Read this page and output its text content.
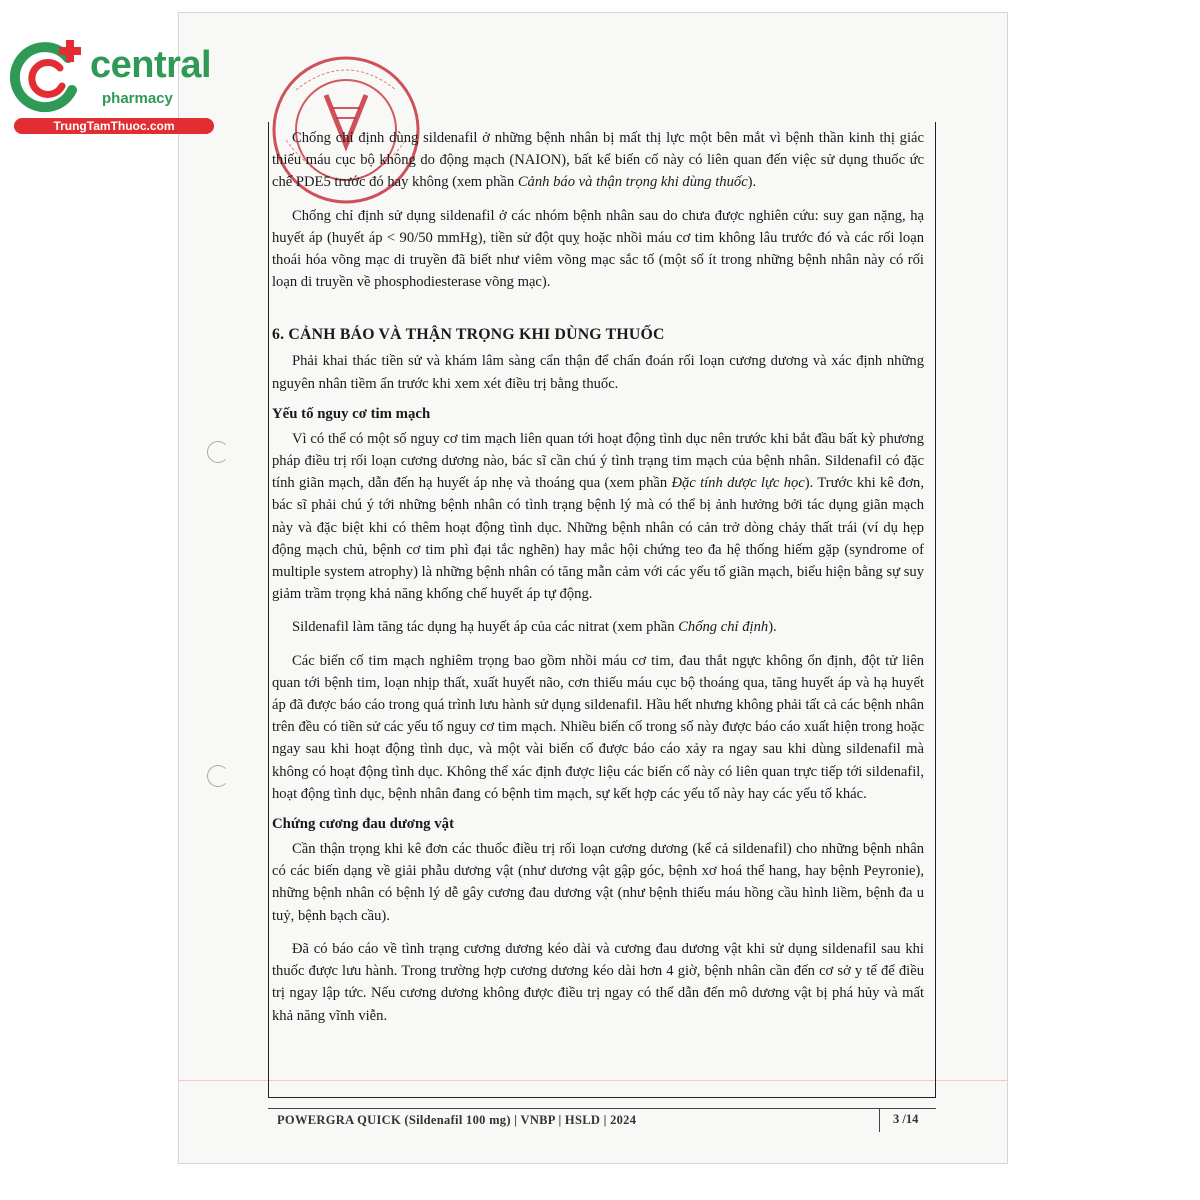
central
pharmacy
TrungTamThuoc.com

Chống chỉ định dùng sildenafil ở những bệnh nhân bị mất thị lực một bên mắt vì bệnh thần kinh thị giác thiếu máu cục bộ không do động mạch (NAION), bất kể biến cố này có liên quan đến việc sử dụng thuốc ức chế PDE5 trước đó hay không (xem phần Cảnh báo và thận trọng khi dùng thuốc).

Chống chỉ định sử dụng sildenafil ở các nhóm bệnh nhân sau do chưa được nghiên cứu: suy gan nặng, hạ huyết áp (huyết áp < 90/50 mmHg), tiền sử đột quỵ hoặc nhồi máu cơ tim không lâu trước đó và các rối loạn thoái hóa võng mạc di truyền đã biết như viêm võng mạc sắc tố (một số ít trong những bệnh nhân này có rối loạn di truyền về phosphodiesterase võng mạc).

6. CẢNH BÁO VÀ THẬN TRỌNG KHI DÙNG THUỐC

Phải khai thác tiền sử và khám lâm sàng cẩn thận để chẩn đoán rối loạn cương dương và xác định những nguyên nhân tiềm ẩn trước khi xem xét điều trị bằng thuốc.

Yếu tố nguy cơ tim mạch

Vì có thể có một số nguy cơ tim mạch liên quan tới hoạt động tình dục nên trước khi bắt đầu bất kỳ phương pháp điều trị rối loạn cương dương nào, bác sĩ cần chú ý tình trạng tim mạch của bệnh nhân. Sildenafil có đặc tính giãn mạch, dẫn đến hạ huyết áp nhẹ và thoáng qua (xem phần Đặc tính dược lực học). Trước khi kê đơn, bác sĩ phải chú ý tới những bệnh nhân có tình trạng bệnh lý mà có thể bị ảnh hưởng bởi tác dụng giãn mạch này và đặc biệt khi có thêm hoạt động tình dục. Những bệnh nhân có cản trở dòng chảy thất trái (ví dụ hẹp động mạch chủ, bệnh cơ tim phì đại tắc nghẽn) hay mắc hội chứng teo đa hệ thống hiếm gặp (syndrome of multiple system atrophy) là những bệnh nhân có tăng mẫn cảm với các yếu tố giãn mạch, biểu hiện bằng sự suy giảm trầm trọng khả năng khống chế huyết áp tự động.

Sildenafil làm tăng tác dụng hạ huyết áp của các nitrat (xem phần Chống chỉ định).

Các biến cố tim mạch nghiêm trọng bao gồm nhồi máu cơ tim, đau thắt ngực không ổn định, đột tử liên quan tới bệnh tim, loạn nhịp thất, xuất huyết não, cơn thiếu máu cục bộ thoáng qua, tăng huyết áp và hạ huyết áp đã được báo cáo trong quá trình lưu hành sử dụng sildenafil. Hầu hết nhưng không phải tất cả các bệnh nhân trên đều có tiền sử các yếu tố nguy cơ tim mạch. Nhiều biến cố trong số này được báo cáo xuất hiện trong hoặc ngay sau khi hoạt động tình dục, và một vài biến cố được báo cáo xảy ra ngay sau khi dùng sildenafil mà không có hoạt động tình dục. Không thể xác định được liệu các biến cố này có liên quan trực tiếp tới sildenafil, hoạt động tình dục, bệnh nhân đang có bệnh tim mạch, sự kết hợp các yếu tố này hay các yếu tố khác.

Chứng cương đau dương vật

Cần thận trọng khi kê đơn các thuốc điều trị rối loạn cương dương (kể cả sildenafil) cho những bệnh nhân có các biến dạng về giải phẫu dương vật (như dương vật gập góc, bệnh xơ hoá thể hang, hay bệnh Peyronie), những bệnh nhân có bệnh lý dễ gây cương đau dương vật (như bệnh thiếu máu hồng cầu hình liềm, bệnh đa u tuỷ, bệnh bạch cầu).

Đã có báo cáo về tình trạng cương dương kéo dài và cương đau dương vật khi sử dụng sildenafil sau khi thuốc được lưu hành. Trong trường hợp cương dương kéo dài hơn 4 giờ, bệnh nhân cần đến cơ sở y tế để điều trị ngay lập tức. Nếu cương dương không được điều trị ngay có thể dẫn đến mô dương vật bị phá hủy và mất khả năng vĩnh viễn.

POWERGRA QUICK (Sildenafil 100 mg) | VNBP | HSLD | 2024	3 /14
